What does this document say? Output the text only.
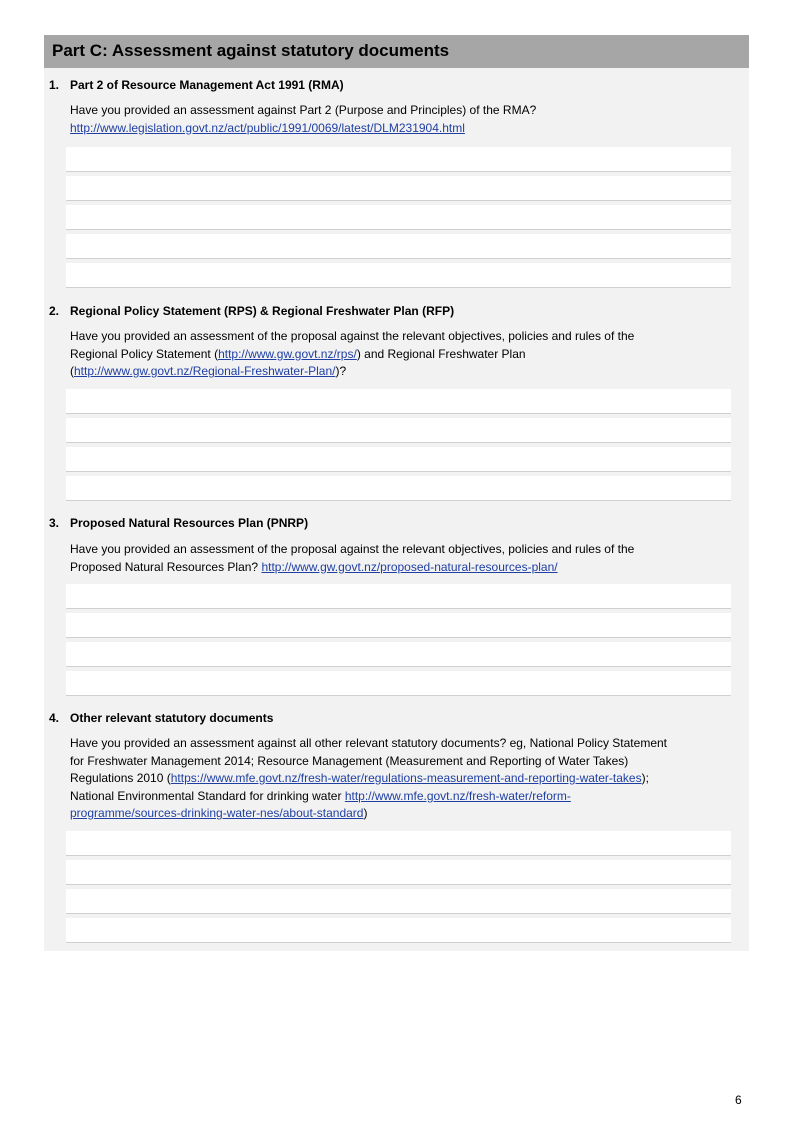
Part C: Assessment against statutory documents
1. Part 2 of Resource Management Act 1991 (RMA)
Have you provided an assessment against Part 2 (Purpose and Principles) of the RMA?
http://www.legislation.govt.nz/act/public/1991/0069/latest/DLM231904.html
2. Regional Policy Statement (RPS) & Regional Freshwater Plan (RFP)
Have you provided an assessment of the proposal against the relevant objectives, policies and rules of the
Regional Policy Statement (http://www.gw.govt.nz/rps/) and Regional Freshwater Plan
(http://www.gw.govt.nz/Regional-Freshwater-Plan/)?
3. Proposed Natural Resources Plan (PNRP)
Have you provided an assessment of the proposal against the relevant objectives, policies and rules of the
Proposed Natural Resources Plan? http://www.gw.govt.nz/proposed-natural-resources-plan/
4. Other relevant statutory documents
Have you provided an assessment against all other relevant statutory documents? eg, National Policy Statement
for Freshwater Management 2014; Resource Management (Measurement and Reporting of Water Takes)
Regulations 2010 (https://www.mfe.govt.nz/fresh-water/regulations-measurement-and-reporting-water-takes);
National Environmental Standard for drinking water http://www.mfe.govt.nz/fresh-water/reform-
programme/sources-drinking-water-nes/about-standard)
6
